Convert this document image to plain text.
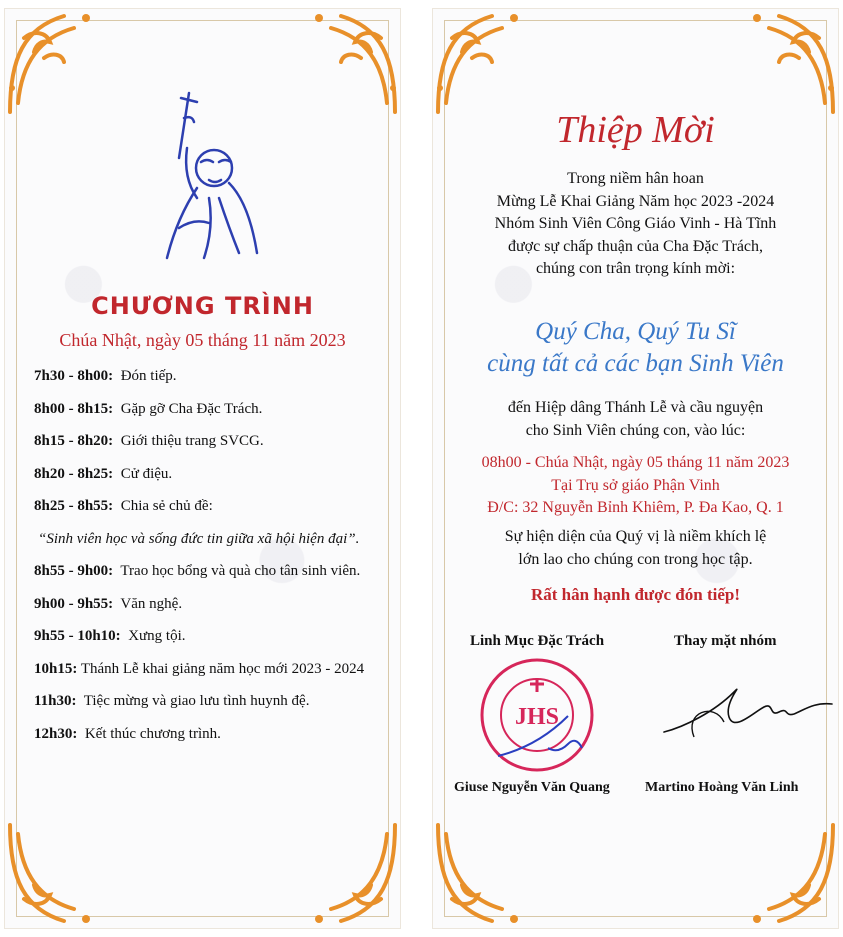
CHƯƠNG TRÌNH
Chúa Nhật, ngày 05 tháng 11 năm 2023
7h30 - 8h00: Đón tiếp.
8h00 - 8h15: Gặp gỡ Cha Đặc Trách.
8h15 - 8h20: Giới thiệu trang SVCG.
8h20 - 8h25: Cử điệu.
8h25 - 8h55: Chia sẻ chủ đề:
“Sinh viên học và sống đức tin giữa xã hội hiện đại”.
8h55 - 9h00: Trao học bổng và quà cho tân sinh viên.
9h00 - 9h55: Văn nghệ.
9h55 - 10h10: Xưng tội.
10h15: Thánh Lễ khai giảng năm học mới 2023 - 2024
11h30: Tiệc mừng và giao lưu tình huynh đệ.
12h30: Kết thúc chương trình.
Thiệp Mời
Trong niềm hân hoan
Mừng Lễ Khai Giảng Năm học 2023 -2024
Nhóm Sinh Viên Công Giáo Vinh - Hà Tĩnh
được sự chấp thuận của Cha Đặc Trách,
chúng con trân trọng kính mời:
Quý Cha, Quý Tu Sĩ
cùng tất cả các bạn Sinh Viên
đến Hiệp dâng Thánh Lễ và cầu nguyện
cho Sinh Viên chúng con, vào lúc:
08h00 - Chúa Nhật, ngày 05 tháng 11 năm 2023
Tại Trụ sở giáo Phận Vinh
Đ/C: 32 Nguyễn Bỉnh Khiêm, P. Đa Kao, Q. 1
Sự hiện diện của Quý vị là niềm khích lệ
lớn lao cho chúng con trong học tập.
Rất hân hạnh được đón tiếp!
Linh Mục Đặc Trách	Thay mặt nhóm
JHS
Giuse Nguyễn Văn Quang	Martino Hoàng Văn Linh
